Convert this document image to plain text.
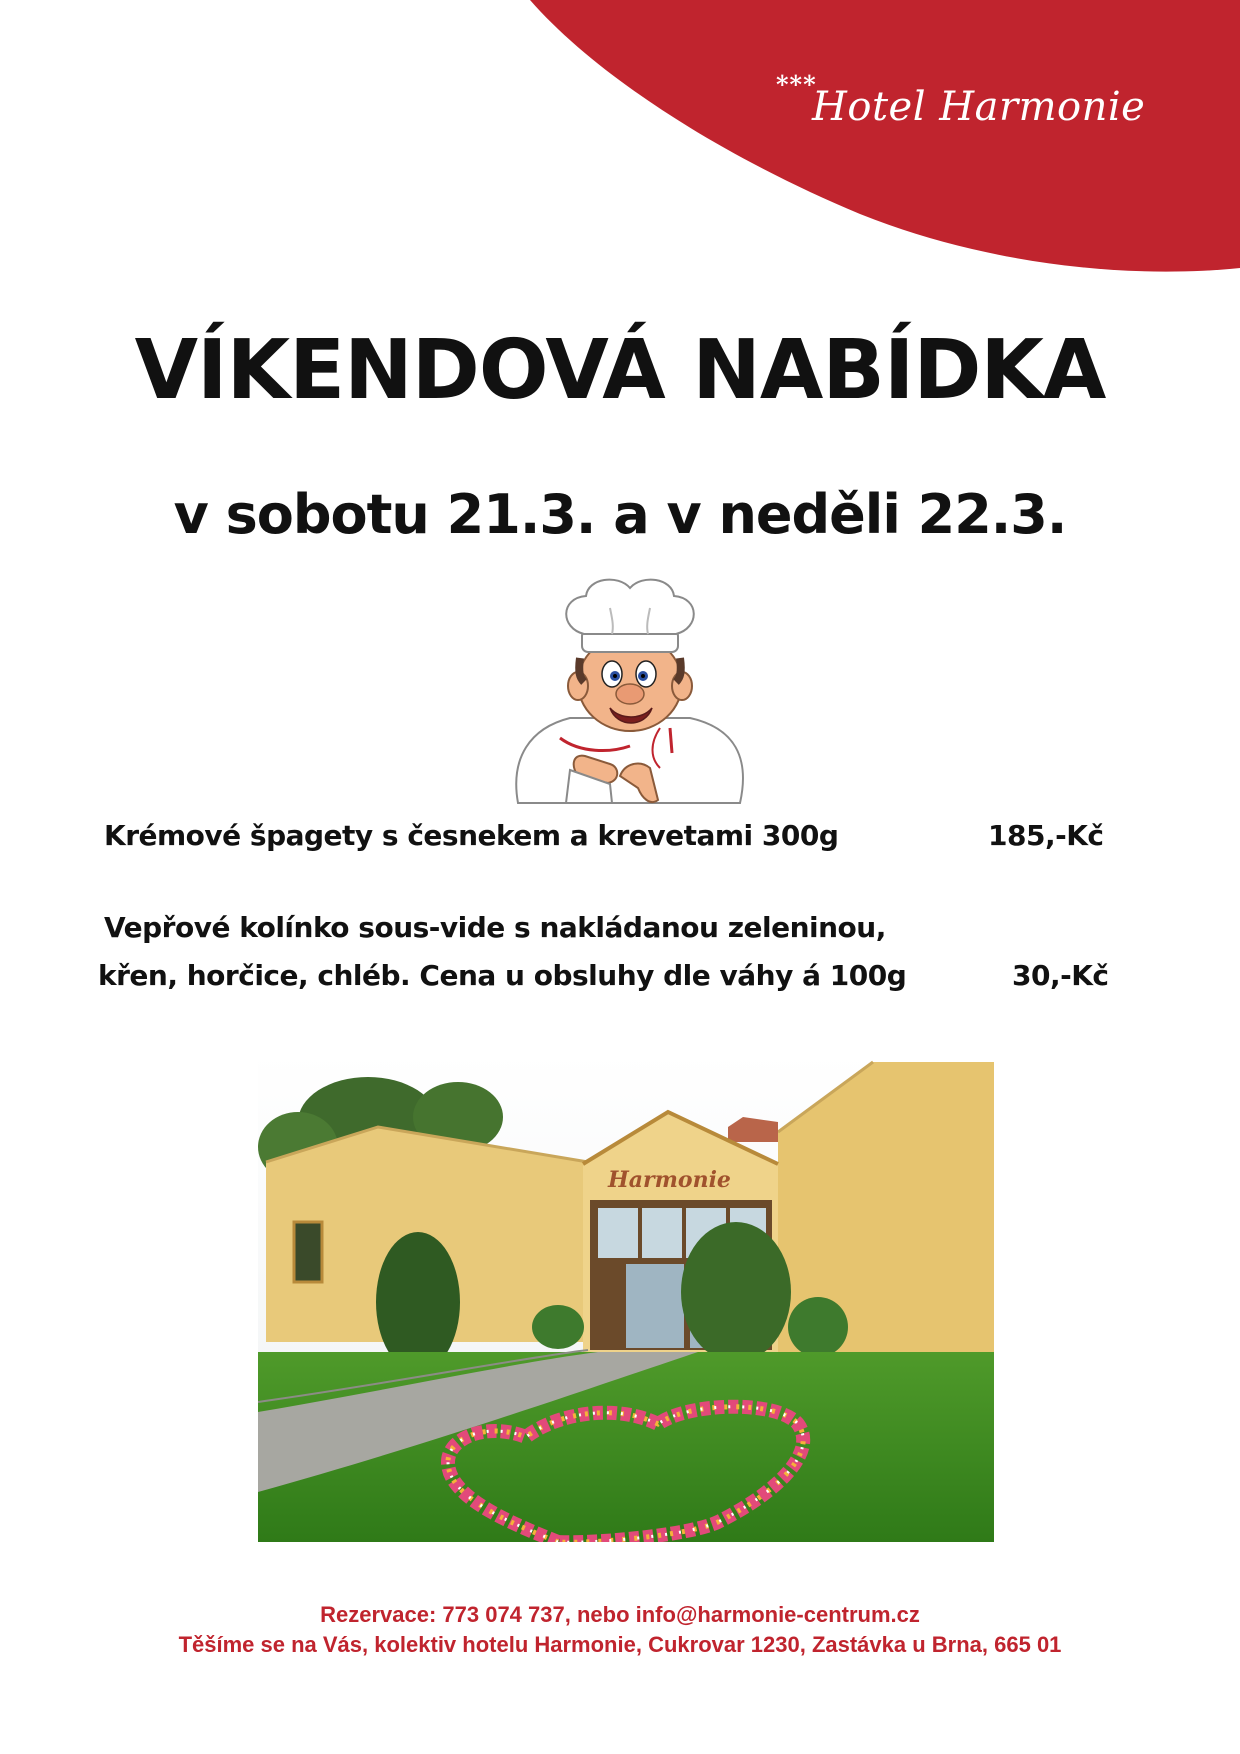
***
Hotel Harmonie
VÍKENDOVÁ NABÍDKA
v sobotu 21.3. a v neděli 22.3.
Krémové špagety s česnekem a krevetami 300g	185,-Kč
Vepřové kolínko sous-vide s nakládanou zeleninou,
křen, horčice, chléb. Cena u obsluhy dle váhy á 100g	30,-Kč
Harmonie
Rezervace: 773 074 737, nebo info@harmonie-centrum.cz
Těšíme se na Vás, kolektiv hotelu Harmonie, Cukrovar 1230, Zastávka u Brna, 665 01
